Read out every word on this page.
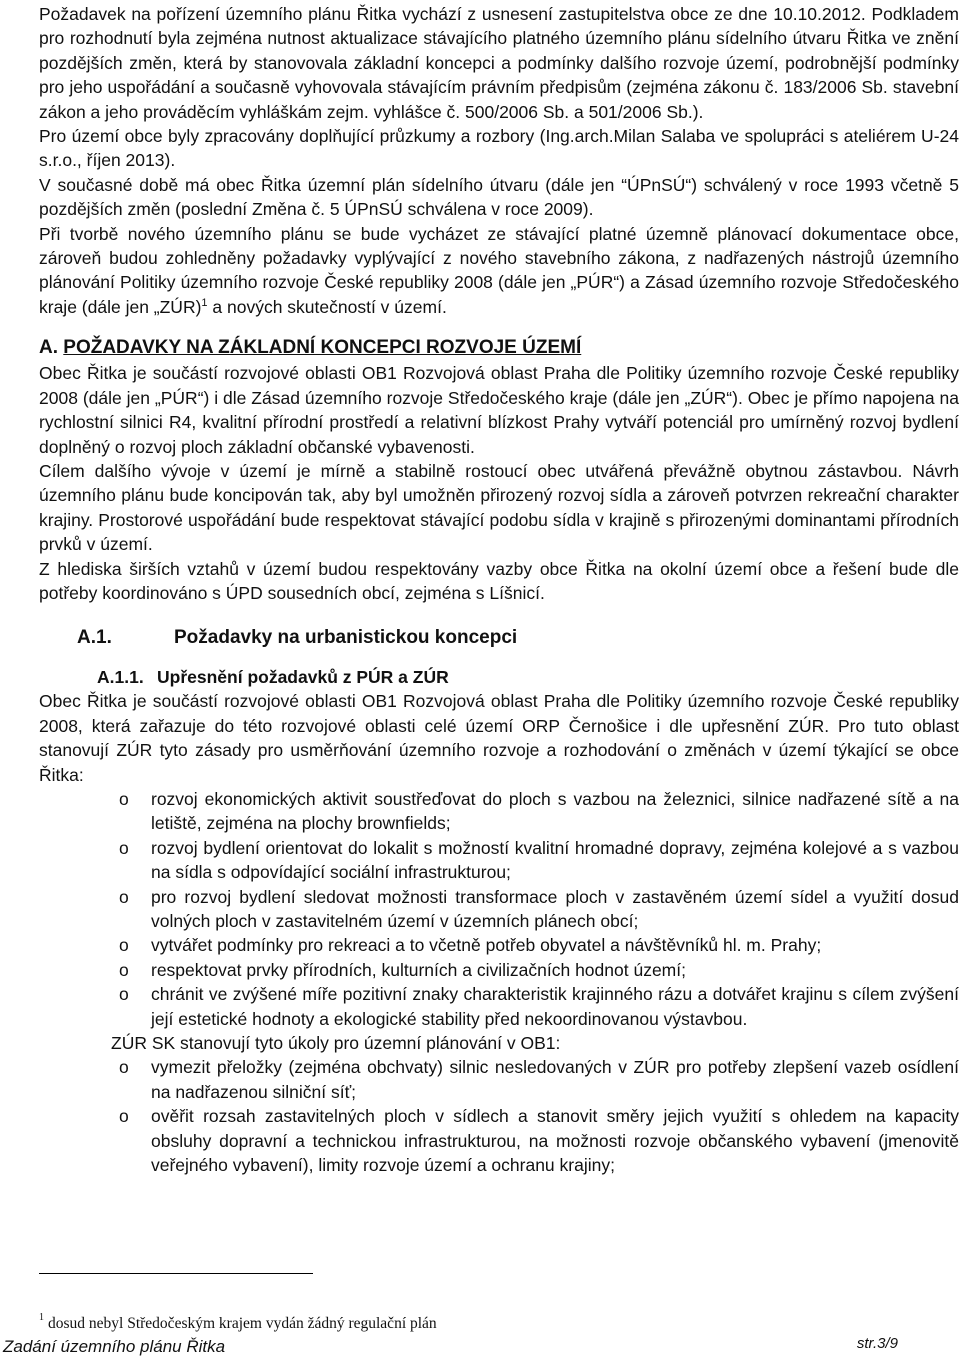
Požadavek na pořízení územního plánu Řitka vychází z usnesení zastupitelstva obce ze dne 10.10.2012. Podkladem pro rozhodnutí byla zejména nutnost aktualizace stávajícího platného územního plánu sídelního útvaru Řitka ve znění pozdějších změn, která by stanovovala základní koncepci a podmínky dalšího rozvoje území, podrobnější podmínky pro jeho uspořádání a současně vyhovovala stávajícím právním předpisům (zejména zákonu č. 183/2006 Sb. stavební zákon a jeho prováděcím vyhláškám zejm. vyhlášce č. 500/2006 Sb. a 501/2006 Sb.).

Pro území obce byly zpracovány doplňující průzkumy a rozbory (Ing.arch.Milan Salaba ve spolupráci s ateliérem U-24 s.r.o., říjen 2013).

V současné době má obec Řitka územní plán sídelního útvaru (dále jen “ÚPnSÚ“) schválený v roce 1993 včetně 5 pozdějších změn (poslední Změna č. 5 ÚPnSÚ schválena v roce 2009).

Při tvorbě nového územního plánu se bude vycházet ze stávající platné územně plánovací dokumentace obce, zároveň budou zohledněny požadavky vyplývající z nového stavebního zákona, z nadřazených nástrojů územního plánování Politiky územního rozvoje České republiky 2008 (dále jen „PÚR“) a Zásad územního rozvoje Středočeského kraje (dále jen „ZÚR)$^1$ a nových skutečností v území.

A. POŽADAVKY NA ZÁKLADNÍ KONCEPCI ROZVOJE ÚZEMÍ

Obec Řitka je součástí rozvojové oblasti OB1 Rozvojová oblast Praha dle Politiky územního rozvoje České republiky 2008 (dále jen „PÚR“) i dle Zásad územního rozvoje Středočeského kraje (dále jen „ZÚR“). Obec je přímo napojena na rychlostní silnici R4, kvalitní přírodní prostředí a relativní blízkost Prahy vytváří potenciál pro umírněný rozvoj bydlení doplněný o rozvoj ploch základní občanské vybavenosti.

Cílem dalšího vývoje v území je mírně a stabilně rostoucí obec utvářená převážně obytnou zástavbou. Návrh územního plánu bude koncipován tak, aby byl umožněn přirozený rozvoj sídla a zároveň potvrzen rekreační charakter krajiny. Prostorové uspořádání bude respektovat stávající podobu sídla v krajině s přirozenými dominantami přírodních prvků v území.

Z hlediska širších vztahů v území budou respektovány vazby obce Řitka na okolní území obce a řešení bude dle potřeby koordinováno s ÚPD sousedních obcí, zejména s Líšnicí.

A.1.	Požadavky na urbanistickou koncepci
A.1.1. Upřesnění požadavků z PÚR a ZÚR

Obec Řitka je součástí rozvojové oblasti OB1 Rozvojová oblast Praha dle Politiky územního rozvoje České republiky 2008, která zařazuje do této rozvojové oblasti celé území ORP Černošice i dle upřesnění ZÚR. Pro tuto oblast stanovují ZÚR tyto zásady pro usměrňování územního rozvoje a rozhodování o změnách v území týkající se obce Řitka:

o rozvoj ekonomických aktivit soustřeďovat do ploch s vazbou na železnici, silnice nadřazené sítě a na letiště, zejména na plochy brownfields;
o rozvoj bydlení orientovat do lokalit s možností kvalitní hromadné dopravy, zejména kolejové a s vazbou na sídla s odpovídající sociální infrastrukturou;
o pro rozvoj bydlení sledovat možnosti transformace ploch v zastavěném území sídel a využití dosud volných ploch v zastavitelném území v územních plánech obcí;
o vytvářet podmínky pro rekreaci a to včetně potřeb obyvatel a návštěvníků hl. m. Prahy;
o respektovat prvky přírodních, kulturních a civilizačních hodnot území;
o chránit ve zvýšené míře pozitivní znaky charakteristik krajinného rázu a dotvářet krajinu s cílem zvýšení její estetické hodnoty a ekologické stability před nekoordinovanou výstavbou.

ZÚR SK stanovují tyto úkoly pro územní plánování v OB1:

o vymezit přeložky (zejména obchvaty) silnic nesledovaných v ZÚR pro potřeby zlepšení vazeb osídlení na nadřazenou silniční síť;
o ověřit rozsah zastavitelných ploch v sídlech a stanovit směry jejich využití s ohledem na kapacity obsluhy dopravní a technickou infrastrukturou, na možnosti rozvoje občanského vybavení (jmenovitě veřejného vybavení), limity rozvoje území a ochranu krajiny;
$^1$ dosud nebyl Středočeským krajem vydán žádný regulační plán
Zadání územního plánu Řitka	str.3/9
